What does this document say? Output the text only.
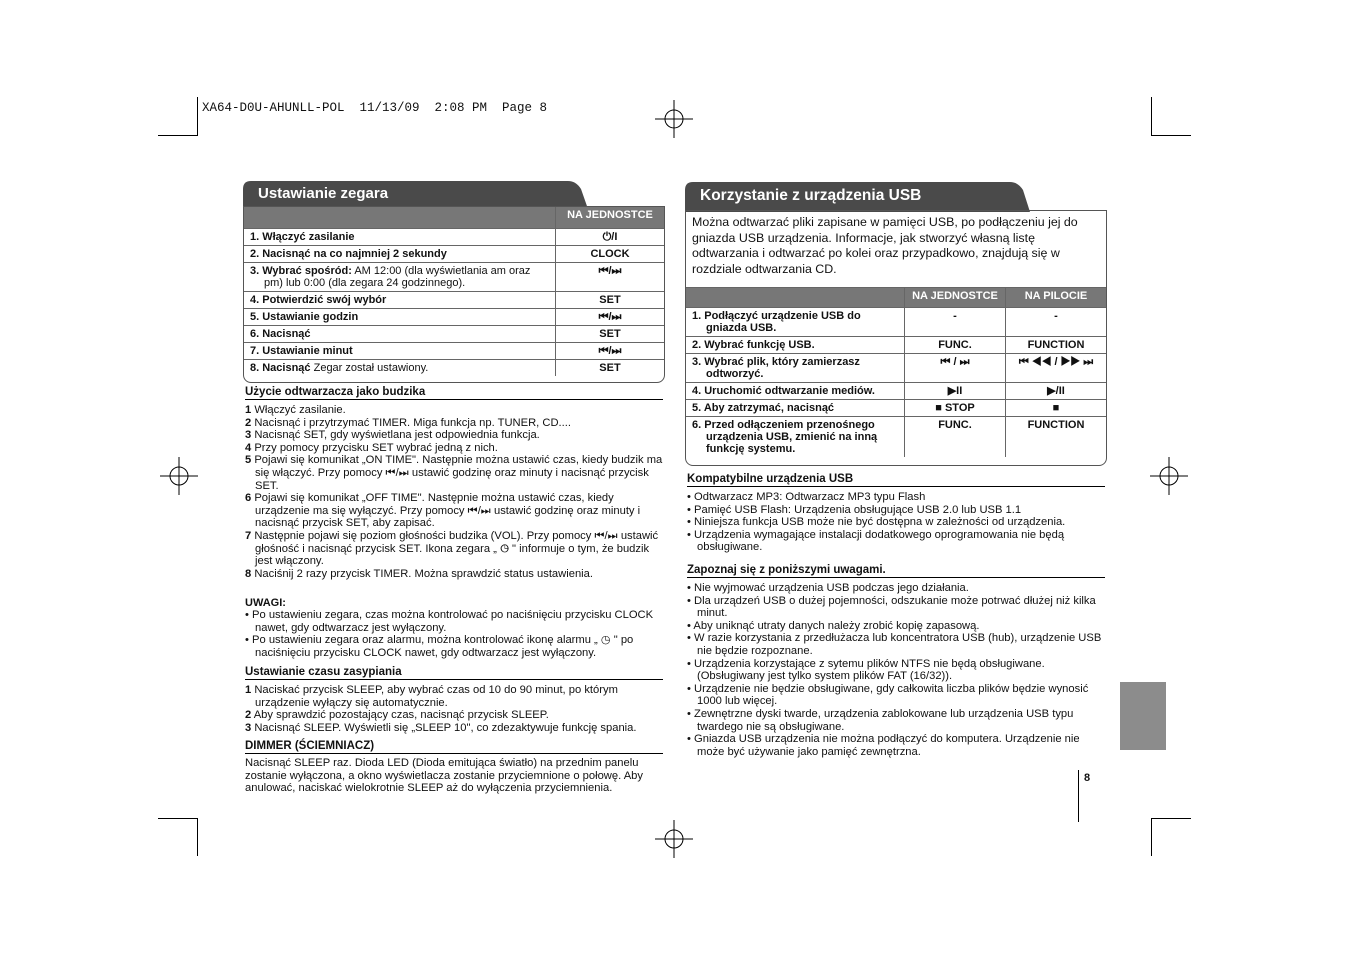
XA64-D0U-AHUNLL-POL  11/13/09  2:08 PM  Page 8
Ustawianie zegara
	NA JEDNOSTCE
1. Włączyć zasilanie	⏻/I
2. Nacisnąć na co najmniej 2 sekundy	CLOCK
3. Wybrać spośród: AM 12:00 (dla wyświetlania am oraz pm) lub 0:00 (dla zegara 24 godzinnego).	⏮/⏭
4. Potwierdzić swój wybór	SET
5. Ustawianie godzin	⏮/⏭
6. Nacisnąć	SET
7. Ustawianie minut	⏮/⏭
8. Nacisnąć Zegar został ustawiony.	SET
Użycie odtwarzacza jako budzika

1 Włączyć zasilanie.

2 Nacisnąć i przytrzymać TIMER. Miga funkcja np. TUNER, CD....

3 Nacisnąć SET, gdy wyświetlana jest odpowiednia funkcja.

4 Przy pomocy przycisku SET wybrać jedną z nich.

5 Pojawi się komunikat „ON TIME". Następnie można ustawić czas, kiedy budzik ma się włączyć. Przy pomocy ⏮/⏭ ustawić godzinę oraz minuty i nacisnąć przycisk SET.

6 Pojawi się komunikat „OFF TIME". Następnie można ustawić czas, kiedy urządzenie ma się wyłączyć. Przy pomocy ⏮/⏭ ustawić godzinę oraz minuty i nacisnąć przycisk SET, aby zapisać.

7 Następnie pojawi się poziom głośności budzika (VOL). Przy pomocy ⏮/⏭ ustawić głośność i nacisnąć przycisk SET. Ikona zegara „ ◷ " informuje o tym, że budzik jest włączony.

8 Naciśnij 2 razy przycisk TIMER. Można sprawdzić status ustawienia.

UWAGI:

• Po ustawieniu zegara, czas można kontrolować po naciśnięciu przycisku CLOCK nawet, gdy odtwarzacz jest wyłączony.

• Po ustawieniu zegara oraz alarmu, można kontrolować ikonę alarmu „ ◷ " po naciśnięciu przycisku CLOCK nawet, gdy odtwarzacz jest wyłączony.

Ustawianie czasu zasypiania

1 Naciskać przycisk SLEEP, aby wybrać czas od 10 do 90 minut, po którym urządzenie wyłączy się automatycznie.

2 Aby sprawdzić pozostający czas, nacisnąć przycisk SLEEP.

3 Nacisnąć SLEEP. Wyświetli się „SLEEP 10", co zdezaktywuje funkcję spania.

DIMMER (ŚCIEMNIACZ)
Nacisnąć SLEEP raz. Dioda LED (Dioda emitująca światło) na przednim panelu zostanie wyłączona, a okno wyświetlacza zostanie przyciemnione o połowę. Aby anulować, naciskać wielokrotnie SLEEP aż do wyłączenia przyciemnienia.
Korzystanie z urządzenia USB
Można odtwarzać pliki zapisane w pamięci USB, po podłączeniu jej do gniazda USB urządzenia. Informacje, jak stworzyć własną listę odtwarzania i odtwarzać po kolei oraz przypadkowo, znajdują się w rozdziale odtwarzania CD.
	NA JEDNOSTCE	NA PILOCIE
1. Podłączyć urządzenie USB do gniazda USB.	-	-
2. Wybrać funkcję USB.	FUNC.	FUNCTION
3. Wybrać plik, który zamierzasz odtworzyć.	⏮ / ⏭	⏮ ◀◀ / ▶▶ ⏭
4. Uruchomić odtwarzanie mediów.	▶II	▶/II
5. Aby zatrzymać, nacisnąć	■ STOP	■
6. Przed odłączeniem przenośnego urządzenia USB, zmienić na inną funkcję systemu.	FUNC.	FUNCTION
Kompatybilne urządzenia USB

• Odtwarzacz MP3: Odtwarzacz MP3 typu Flash

• Pamięć USB Flash: Urządzenia obsługujące USB 2.0 lub USB 1.1

• Niniejsza funkcja USB może nie być dostępna w zależności od urządzenia.

• Urządzenia wymagające instalacji dodatkowego oprogramowania nie będą obsługiwane.

Zapoznaj się z poniższymi uwagami.

• Nie wyjmować urządzenia USB podczas jego działania.

• Dla urządzeń USB o dużej pojemności, odszukanie może potrwać dłużej niż kilka minut.

• Aby uniknąć utraty danych należy zrobić kopię zapasową.

• W razie korzystania z przedłużacza lub koncentratora USB (hub), urządzenie USB nie będzie rozpoznane.

• Urządzenia korzystające z sytemu plików NTFS nie będą obsługiwane. (Obsługiwany jest tylko system plików FAT (16/32)).

• Urządzenie nie będzie obsługiwane, gdy całkowita liczba plików będzie wynosić 1000 lub więcej.

• Zewnętrzne dyski twarde, urządzenia zablokowane lub urządzenia USB typu twardego nie są obsługiwane.

• Gniazda USB urządzenia nie można podłączyć do komputera. Urządzenie nie może być używanie jako pamięć zewnętrzna.

8
